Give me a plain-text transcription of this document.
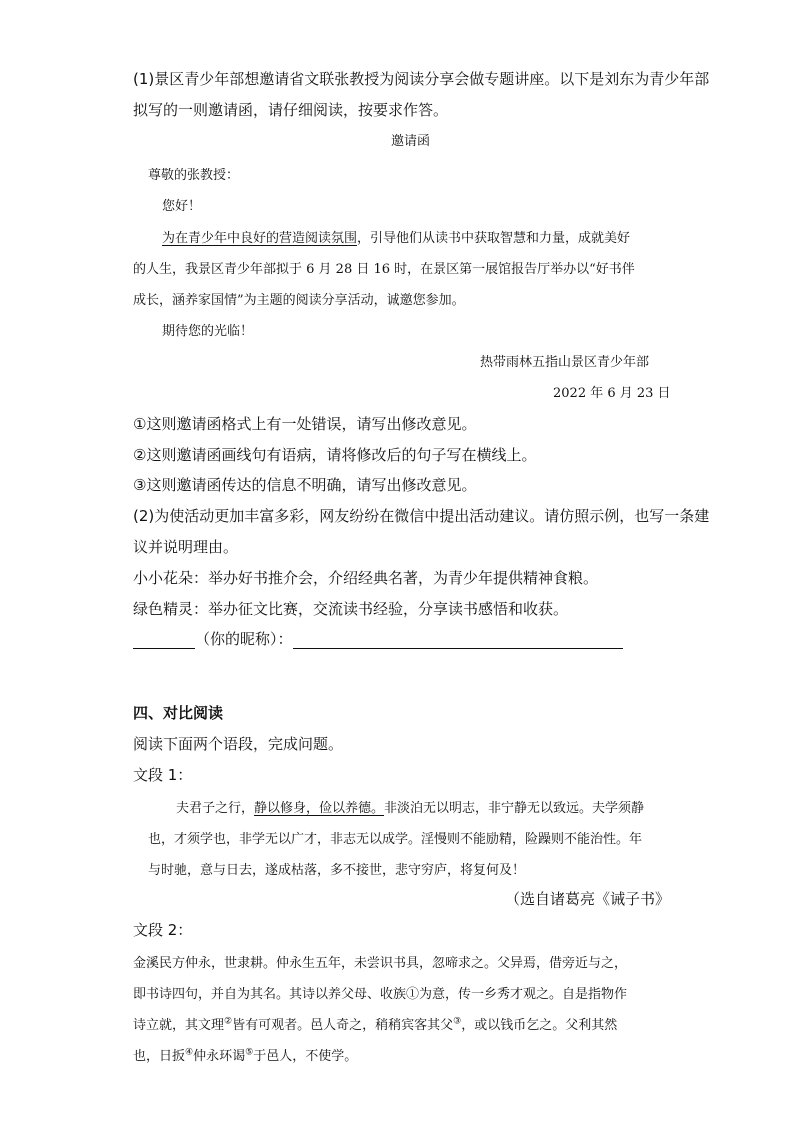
(1)景区青少年部想邀请省文联张教授为阅读分享会做专题讲座。以下是刘东为青少年部
拟写的一则邀请函，请仔细阅读，按要求作答。
邀请函
尊敬的张教授：
您好！
为在青少年中良好的营造阅读氛围，引导他们从读书中获取智慧和力量，成就美好
的人生，我景区青少年部拟于 6 月 28 日 16 时，在景区第一展馆报告厅举办以“好书伴
成长，涵养家国情”为主题的阅读分享活动，诚邀您参加。
期待您的光临！
热带雨林五指山景区青少年部
2022 年 6 月 23 日
①这则邀请函格式上有一处错误，请写出修改意见。
②这则邀请函画线句有语病，请将修改后的句子写在横线上。
③这则邀请函传达的信息不明确，请写出修改意见。
(2)为使活动更加丰富多彩，网友纷纷在微信中提出活动建议。请仿照示例，也写一条建
议并说明理由。
小小花朵：举办好书推介会，介绍经典名著，为青少年提供精神食粮。
绿色精灵：举办征文比赛，交流读书经验，分享读书感悟和收获。
（你的昵称）：
四、对比阅读
阅读下面两个语段，完成问题。
文段 1：
夫君子之行，静以修身，俭以养德。非淡泊无以明志，非宁静无以致远。夫学须静
也，才须学也，非学无以广才，非志无以成学。淫慢则不能励精，险躁则不能治性。年
与时驰，意与日去，遂成枯落，多不接世，悲守穷庐，将复何及！
（选自诸葛亮《诫子书》
文段 2：
金溪民方仲永，世隶耕。仲永生五年，未尝识书具，忽啼求之。父异焉，借旁近与之，
即书诗四句，并自为其名。其诗以养父母、收族①为意，传一乡秀才观之。自是指物作
诗立就，其文理②皆有可观者。邑人奇之，稍稍宾客其父③，或以钱币乞之。父利其然
也，日扳④仲永环谒⑤于邑人，不使学。
